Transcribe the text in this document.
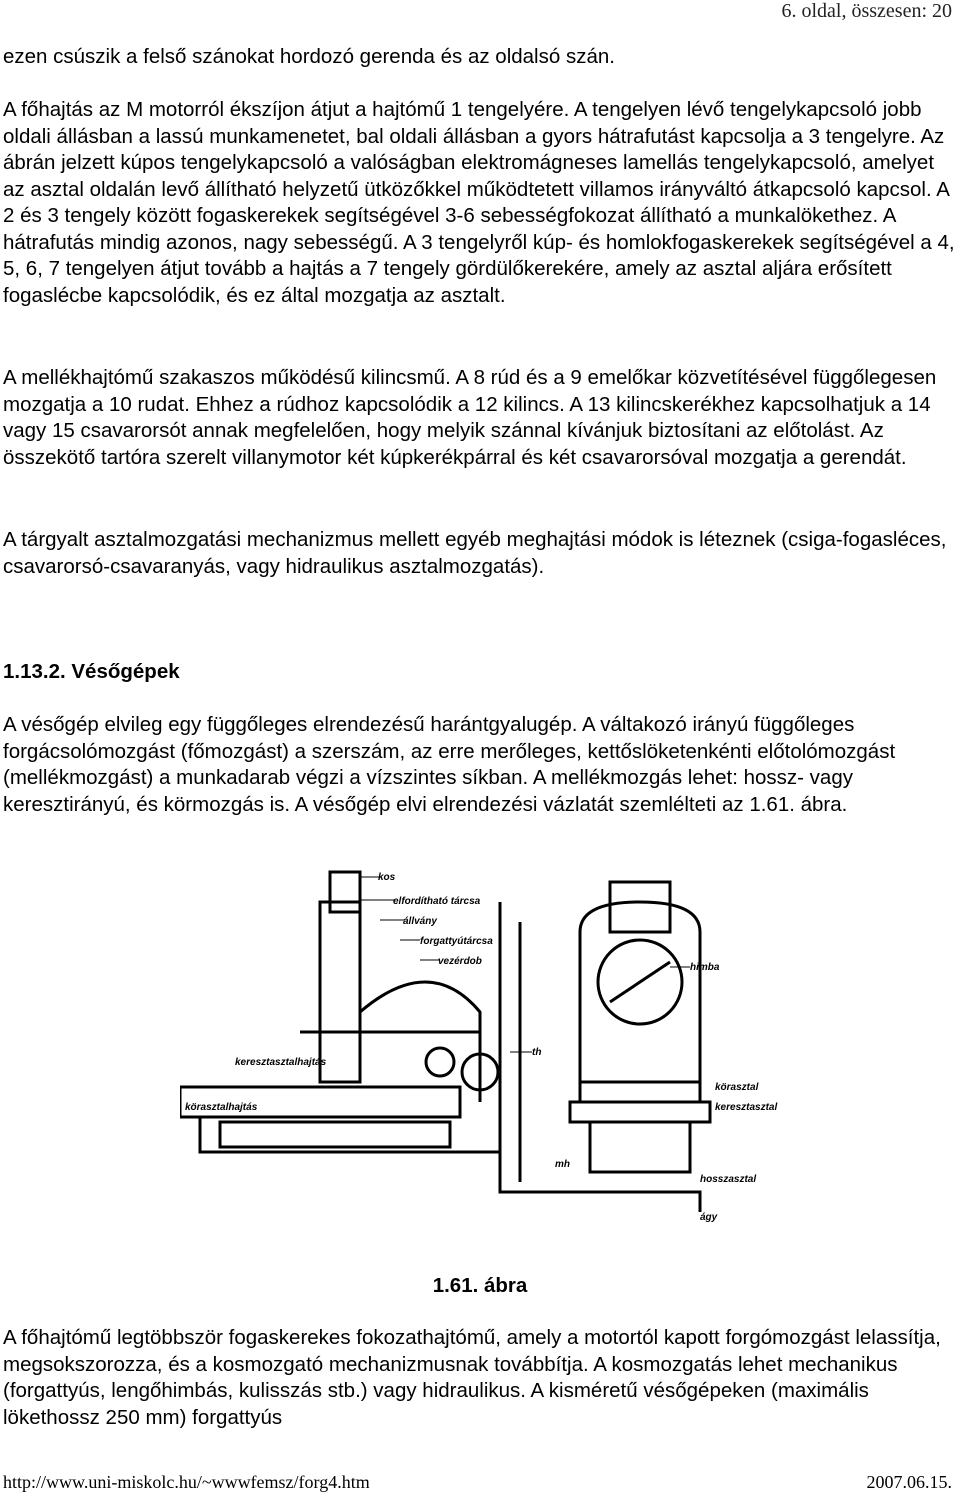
6. oldal, összesen: 20

ezen csúszik a felső szánokat hordozó gerenda és az oldalsó szán.

A főhajtás az M motorról ékszíjon átjut a hajtómű 1 tengelyére. A tengelyen lévő tengelykapcsoló jobb oldali állásban a lassú munkamenetet, bal oldali állásban a gyors hátrafutást kapcsolja a 3 tengelyre. Az ábrán jelzett kúpos tengelykapcsoló a valóságban elektromágneses lamellás tengelykapcsoló, amelyet az asztal oldalán levő állítható helyzetű ütközőkkel működtetett villamos irányváltó átkapcsoló kapcsol. A 2 és 3 tengely között fogaskerekek segítségével 3-6 sebességfokozat állítható a munkalökethez. A hátrafutás mindig azonos, nagy sebességű. A 3 tengelyről kúp- és homlokfogaskerekek segítségével a 4, 5, 6, 7 tengelyen átjut tovább a hajtás a 7 tengely gördülőkerekére, amely az asztal aljára erősített fogaslécbe kapcsolódik, és ez által mozgatja az asztalt.

A mellékhajtómű szakaszos működésű kilincsmű. A 8 rúd és a 9 emelőkar közvetítésével függőlegesen mozgatja a 10 rudat. Ehhez a rúdhoz kapcsolódik a 12 kilincs. A 13 kilincskerékhez kapcsolhatjuk a 14 vagy 15 csavarorsót annak megfelelően, hogy melyik szánnal kívánjuk biztosítani az előtolást. Az összekötő tartóra szerelt villanymotor két kúpkerékpárral és két csavarorsóval mozgatja a gerendát.

A tárgyalt asztalmozgatási mechanizmus mellett egyéb meghajtási módok is léteznek (csiga-fogasléces, csavarorsó-csavaranyás, vagy hidraulikus asztalmozgatás).

1.13.2. Vésőgépek

A vésőgép elvileg egy függőleges elrendezésű harántgyalugép. A váltakozó irányú függőleges forgácsolómozgást (főmozgást) a szerszám, az erre merőleges, kettőslöketenkénti előtolómozgást (mellékmozgást) a munkadarab végzi a vízszintes síkban. A mellékmozgás lehet: hossz- vagy keresztirányú, és körmozgás is. A vésőgép elvi elrendezési vázlatát szemlélteti az 1.61. ábra.

kos
elfordítható tárcsa
állvány
forgattyútárcsa
vezérdob
himba
th
keresztasztalhajtás
körasztalhajtás
körasztal
keresztasztal
mh
hosszasztal
ágy
1.61. ábra

A főhajtómű legtöbbször fogaskerekes fokozathajtómű, amely a motortól kapott forgómozgást lelassítja, megsokszorozza, és a kosmozgató mechanizmusnak továbbítja. A kosmozgatás lehet mechanikus (forgattyús, lengőhimbás, kulisszás stb.) vagy hidraulikus. A kisméretű vésőgépeken (maximális lökethossz 250 mm) forgattyús

http://www.uni-miskolc.hu/~wwwfemsz/forg4.htm	2007.06.15.
